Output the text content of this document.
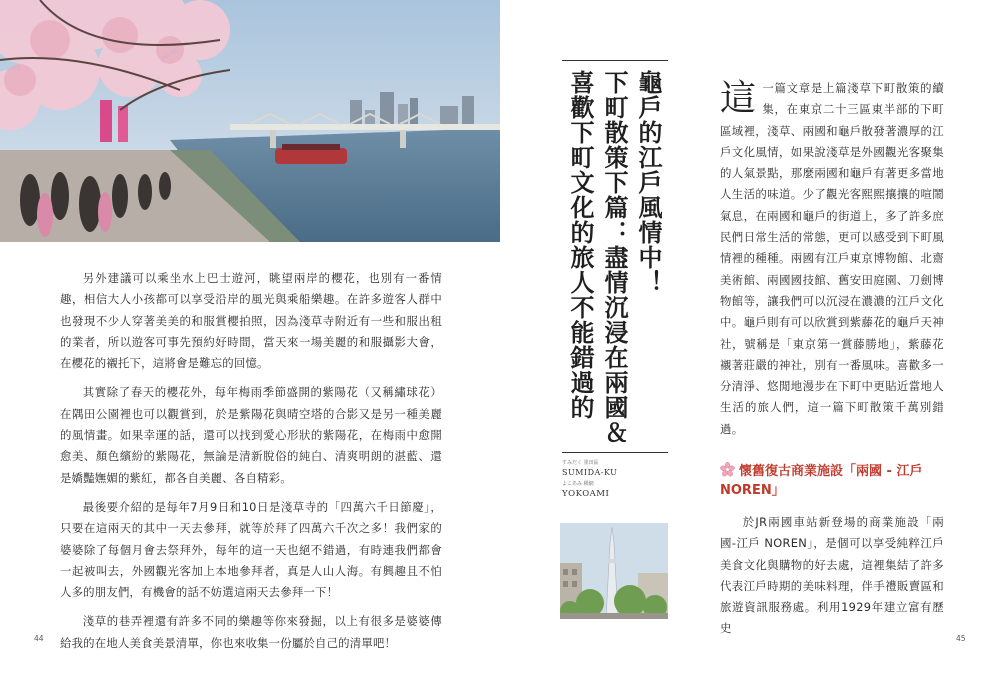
另外建議可以乘坐水上巴士遊河，眺望兩岸的櫻花，也別有一番情趣，相信大人小孩都可以享受沿岸的風光與乘船樂趣。在許多遊客人群中也發現不少人穿著美美的和服賞櫻拍照，因為淺草寺附近有一些和服出租的業者，所以遊客可事先預約好時間，當天來一場美麗的和服攝影大會，在櫻花的襯托下，這將會是難忘的回憶。

其實除了春天的櫻花外，每年梅雨季節盛開的紫陽花（又稱繡球花）在隅田公園裡也可以觀賞到，於是紫陽花與晴空塔的合影又是另一種美麗的風情畫。如果幸運的話，還可以找到愛心形狀的紫陽花，在梅雨中愈開愈美、顏色繽紛的紫陽花，無論是清新脫俗的純白、清爽明朗的湛藍、還是嬌豔嫵媚的紫紅，都各自美麗、各自精彩。

最後要介紹的是每年7月9日和10日是淺草寺的「四萬六千日節慶」，只要在這兩天的其中一天去參拜，就等於拜了四萬六千次之多！我們家的婆婆除了每個月會去祭拜外，每年的這一天也絕不錯過，有時連我們都會一起被叫去，外國觀光客加上本地參拜者，真是人山人海。有興趣且不怕人多的朋友們，有機會的話不妨選這兩天去參拜一下！

淺草的巷弄裡還有許多不同的樂趣等你來發掘，以上有很多是婆婆傳給我的在地人美食美景清單，你也來收集一份屬於自己的清單吧！

44
龜戶的江戶風情中！
下町散策下篇：盡情沉浸在兩國＆
喜歡下町文化的旅人不能錯過的
すみだく 墨田區
SUMIDA-KU
よこあみ 橫網
YOKOAMI
這一篇文章是上篇淺草下町散策的續集，在東京二十三區東半部的下町區域裡，淺草、兩國和龜戶散發著濃厚的江戶文化風情，如果說淺草是外國觀光客聚集的人氣景點，那麼兩國和龜戶有著更多當地人生活的味道。少了觀光客熙熙攘攘的喧鬧氣息，在兩國和龜戶的街道上，多了許多庶民們日常生活的常態，更可以感受到下町風情裡的種種。兩國有江戶東京博物館、北齋美術館、兩國國技館、舊安田庭園、刀劍博物館等，讓我們可以沉浸在濃濃的江戶文化中。龜戶則有可以欣賞到紫藤花的龜戶天神社，號稱是「東京第一賞藤勝地」，紫藤花襯著莊嚴的神社，別有一番風味。喜歡多一分清淨、悠閒地漫步在下町中更貼近當地人生活的旅人們，這一篇下町散策千萬別錯過。
懷舊復古商業施設「兩國 - 江戶 NOREN」

於JR兩國車站新登場的商業施設「兩國-江戶 NOREN」，是個可以享受純粹江戶美食文化與購物的好去處，這裡集結了許多代表江戶時期的美味料理，伴手禮販賣區和旅遊資訊服務處。利用1929年建立富有歷史

45
